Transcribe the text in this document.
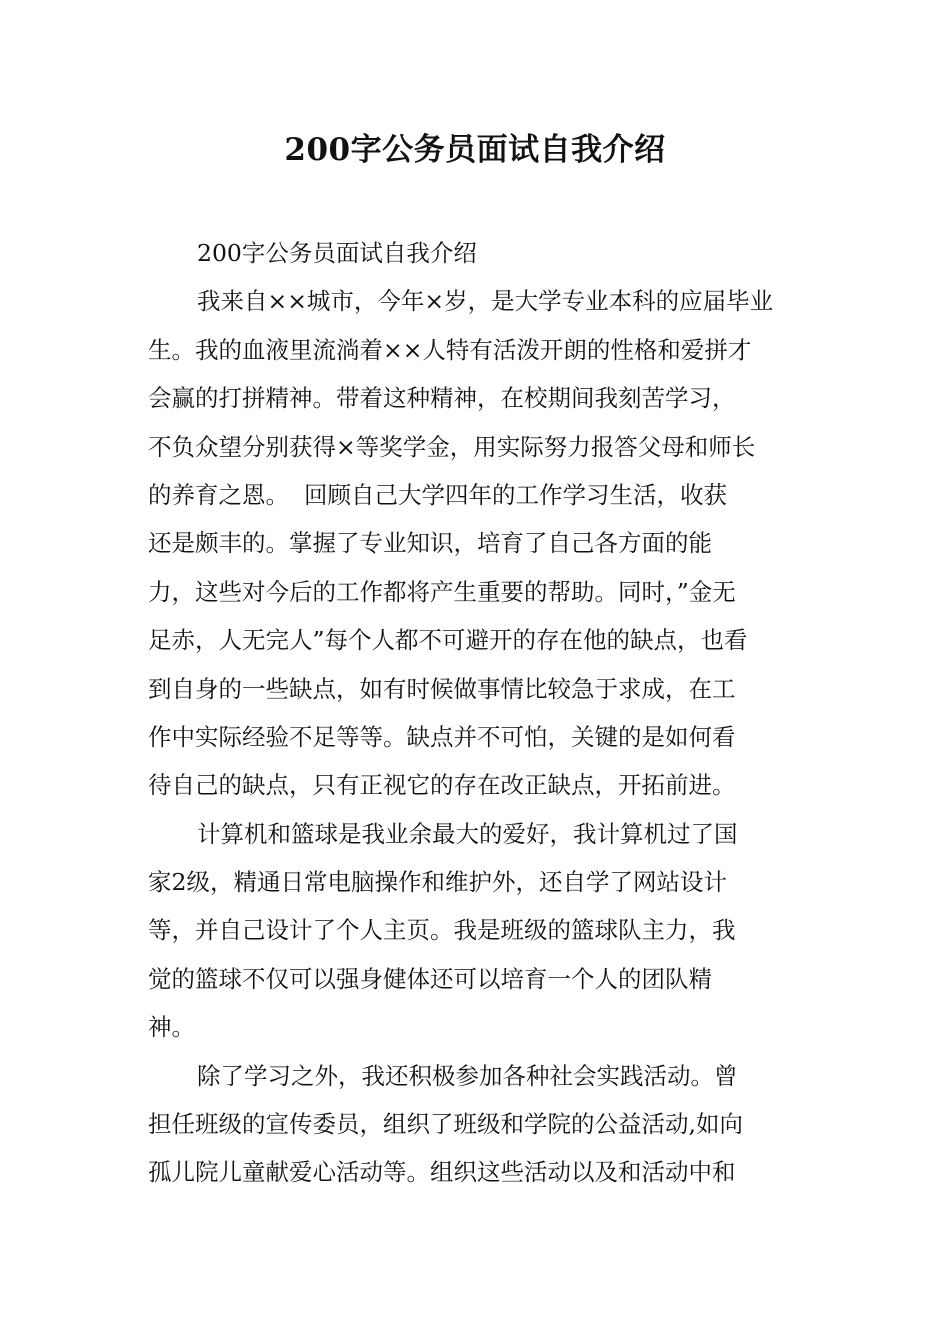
200字公务员面试自我介绍
200字公务员面试自我介绍
我来自××城市，今年×岁，是大学专业本科的应届毕业
生。我的血液里流淌着××人特有活泼开朗的性格和爱拼才
会赢的打拼精神。带着这种精神，在校期间我刻苦学习，
不负众望分别获得×等奖学金，用实际努力报答父母和师长
的养育之恩。  回顾自己大学四年的工作学习生活，收获
还是颇丰的。掌握了专业知识，培育了自己各方面的能
力，这些对今后的工作都将产生重要的帮助。同时，”金无
足赤，人无完人”每个人都不可避开的存在他的缺点，也看
到自身的一些缺点，如有时候做事情比较急于求成，在工
作中实际经验不足等等。缺点并不可怕，关键的是如何看
待自己的缺点，只有正视它的存在改正缺点，开拓前进。
计算机和篮球是我业余最大的爱好，我计算机过了国
家2级，精通日常电脑操作和维护外，还自学了网站设计
等，并自己设计了个人主页。我是班级的篮球队主力，我
觉的篮球不仅可以强身健体还可以培育一个人的团队精
神。
除了学习之外，我还积极参加各种社会实践活动。曾
担任班级的宣传委员，组织了班级和学院的公益活动,如向
孤儿院儿童献爱心活动等。组织这些活动以及和活动中和
